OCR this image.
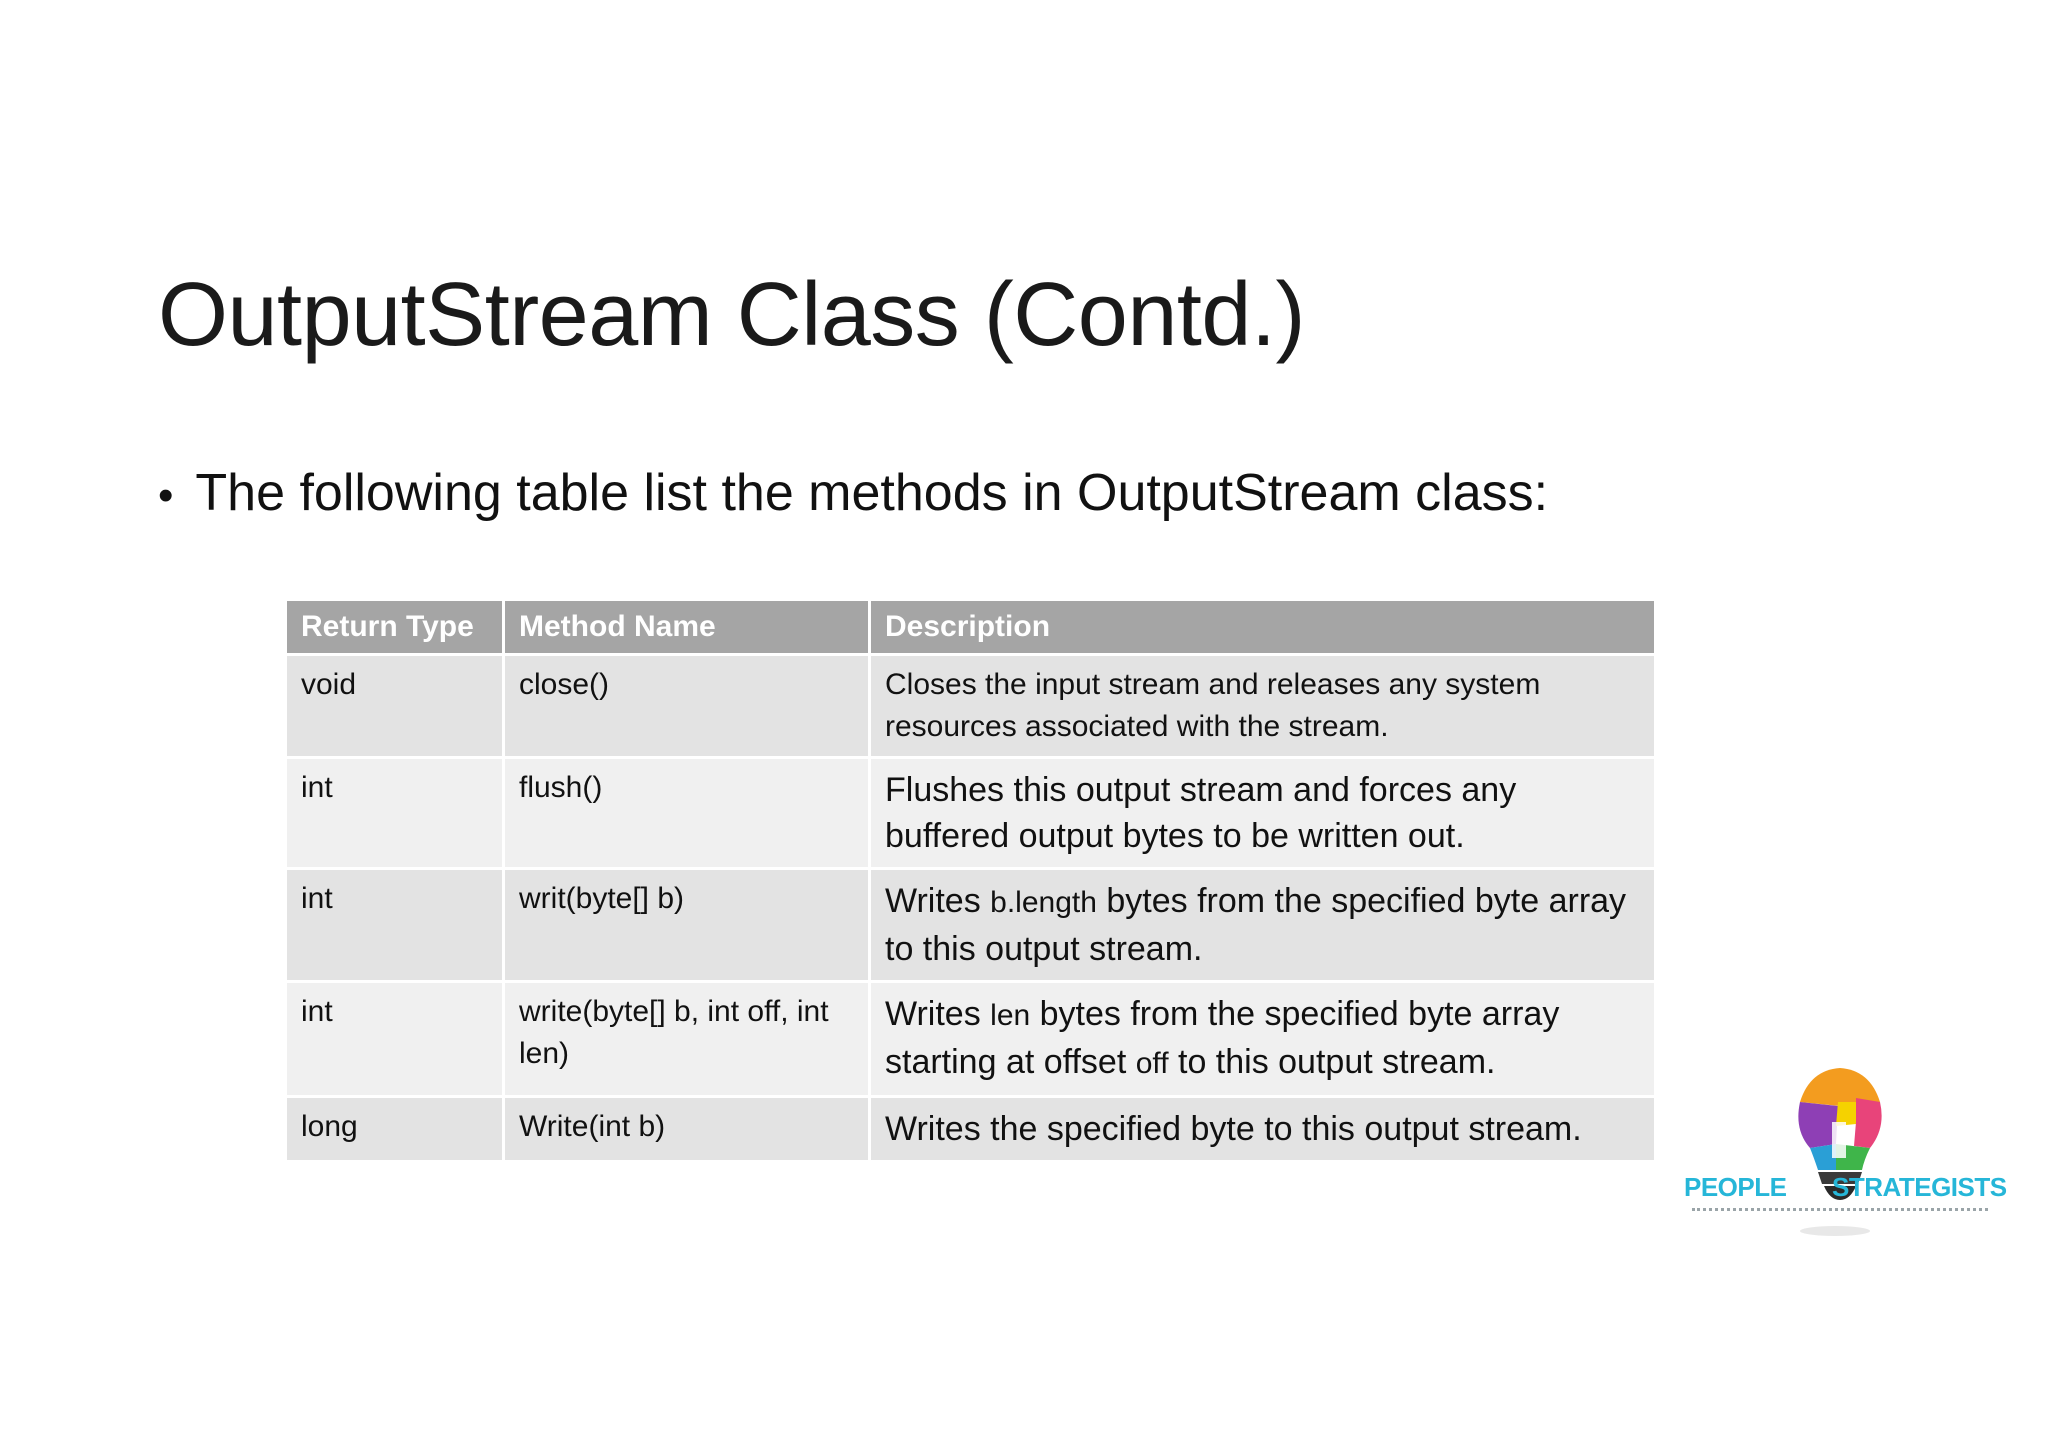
OutputStream Class (Contd.)
• The following table list the methods in OutputStream class:
Return Type	Method Name	Description
void	close()	Closes the input stream and releases any system resources associated with the stream.
int	flush()	Flushes this output stream and forces any buffered output bytes to be written out.
int	writ(byte[] b)	Writes b.length bytes from the specified byte array to this output stream.
int	write(byte[] b, int off, int len)	Writes len bytes from the specified byte array starting at offset off to this output stream.
long	Write(int b)	Writes the specified byte to this output stream.
PEOPLE STRATEGISTS
